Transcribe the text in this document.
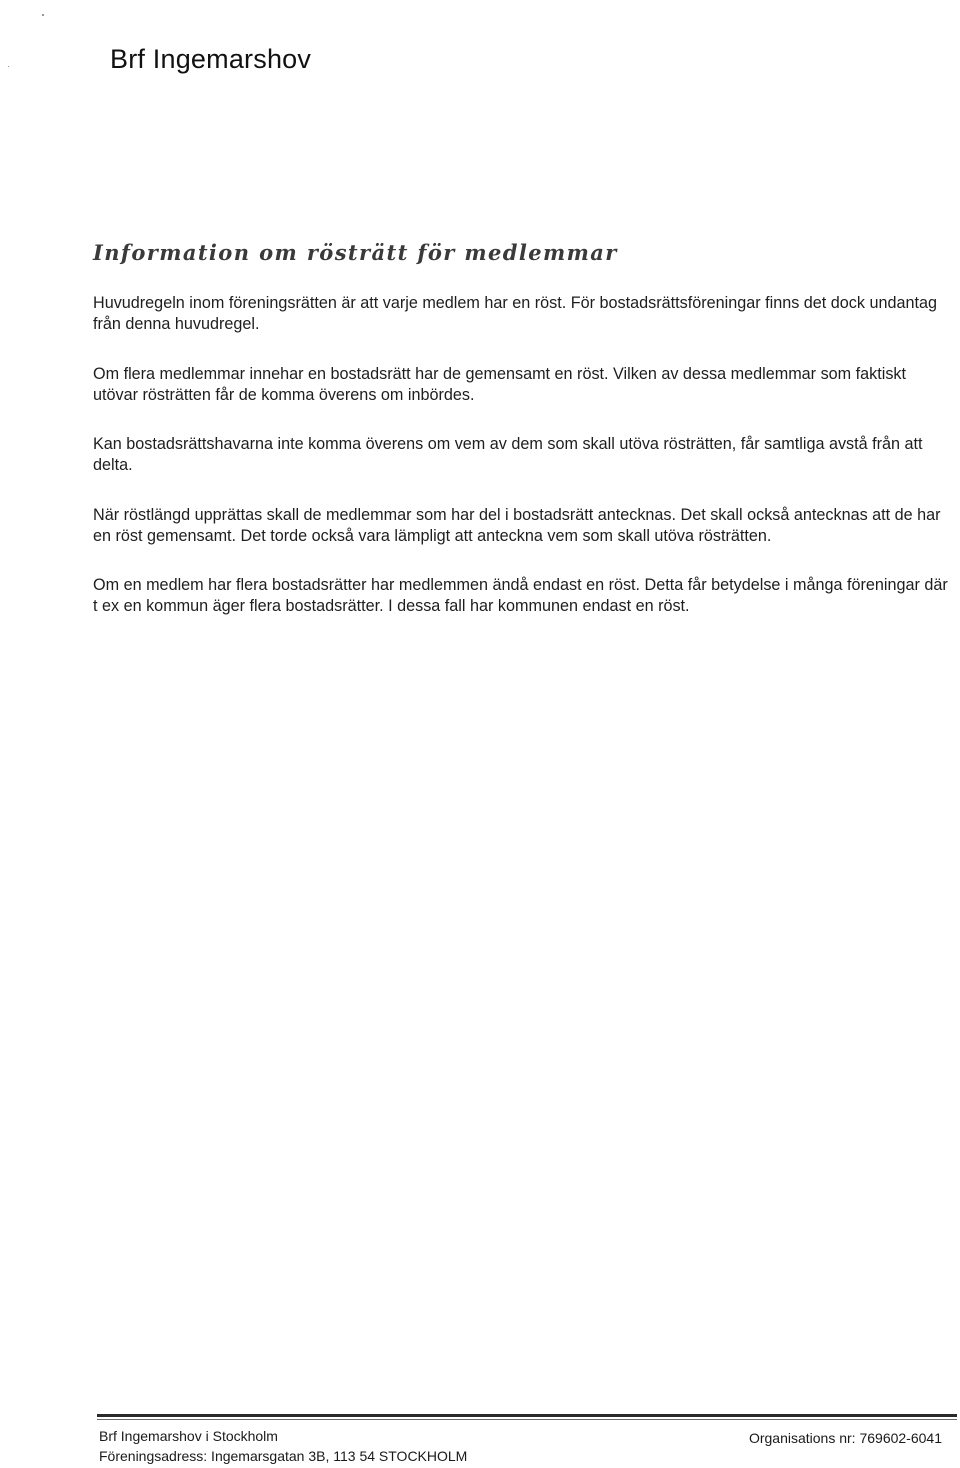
Brf Ingemarshov
Information om rösträtt för medlemmar

Huvudregeln inom föreningsrätten är att varje medlem har en röst. För bostadsrättsföreningar finns det dock undantag från denna huvudregel.

Om flera medlemmar innehar en bostadsrätt har de gemensamt en röst. Vilken av dessa medlemmar som faktiskt utövar rösträtten får de komma överens om inbördes.

Kan bostadsrättshavarna inte komma överens om vem av dem som skall utöva rösträtten, får samtliga avstå från att delta.

När röstlängd upprättas skall de medlemmar som har del i bostadsrätt antecknas. Det skall också antecknas att de har en röst gemensamt. Det torde också vara lämpligt att anteckna vem som skall utöva rösträtten.

Om en medlem har flera bostadsrätter har medlemmen ändå endast en röst. Detta får betydelse i många föreningar där t ex en kommun äger flera bostadsrätter. I dessa fall har kommunen endast en röst.

Brf Ingemarshov i Stockholm
Föreningsadress: Ingemarsgatan 3B, 113 54 STOCKHOLM
Organisations nr: 769602-6041
